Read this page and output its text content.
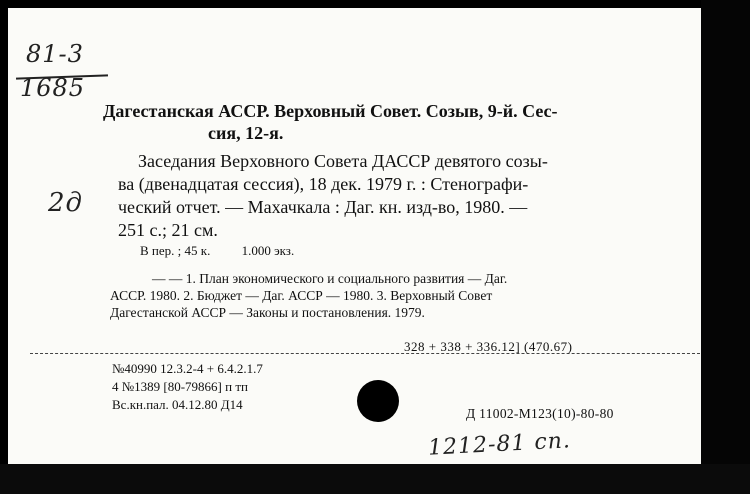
81-3
1685
2д
Дагестанская АССР. Верховный Совет. Созыв, 9-й. Сес-
сия, 12-я.
Заседания Верховного Совета ДАССР девятого созы-
ва (двенадцатая сессия), 18 дек. 1979 г. : Стенографи-
ческий отчет. — Махачкала : Даг. кн. изд-во, 1980. —
251 с.; 21 см.
В пер. ; 45 к. 1.000 экз.
— — 1. План экономического и социального развития — Даг.
АССР. 1980. 2. Бюджет — Даг. АССР — 1980. 3. Верховный Совет
Дагестанской АССР — Законы и постановления. 1979.
328 + 338 + 336.12] (470.67)
№40990 12.3.2-4 + 6.4.2.1.7
4 №1389 [80-79866] п тп
Вс.кн.пал. 04.12.80 Д14
Д 11002-М123(10)-80-80
1212-81 сп.
